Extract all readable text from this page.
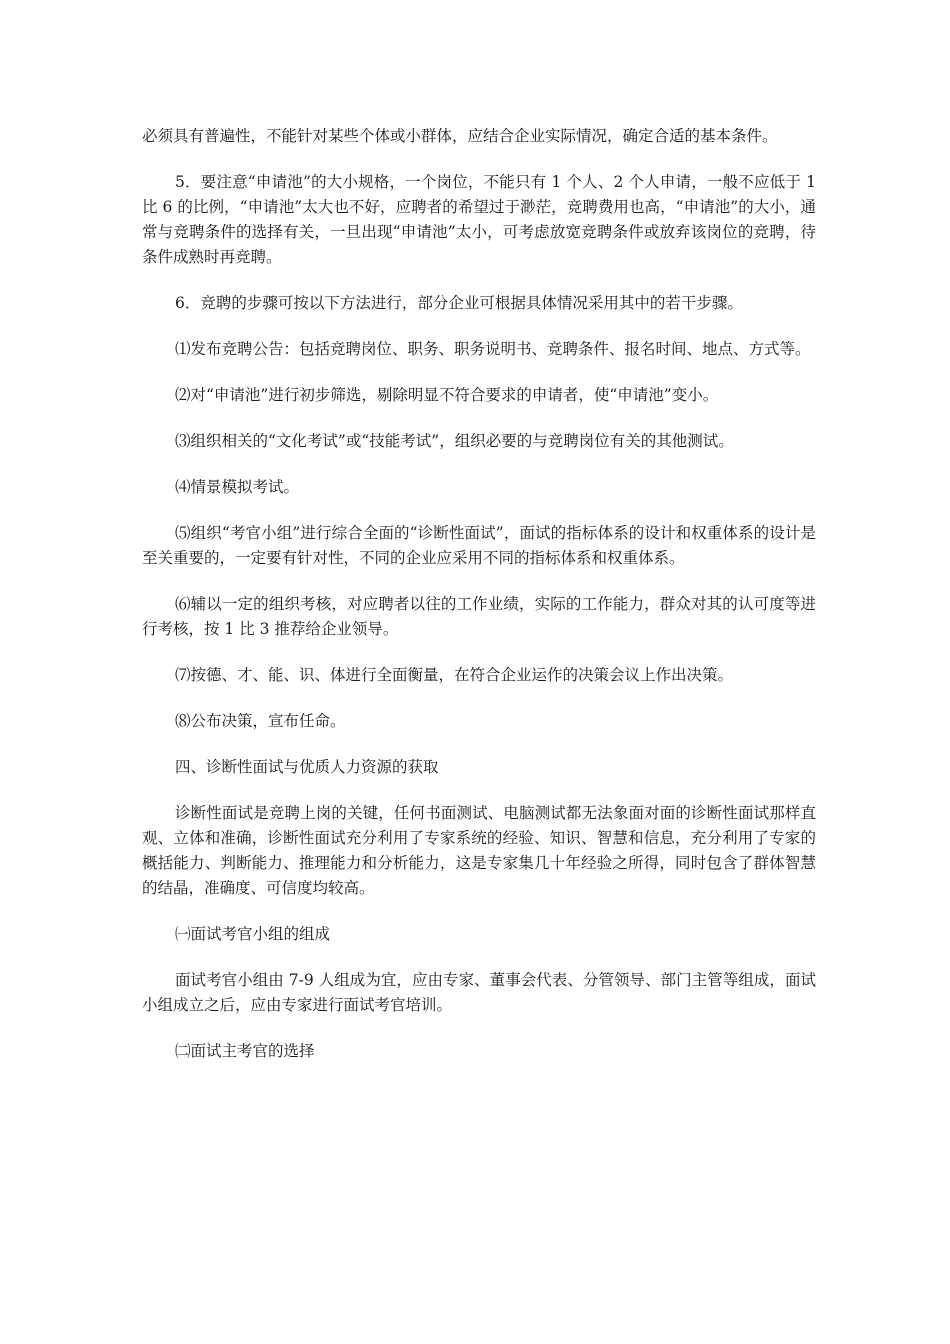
必须具有普遍性，不能针对某些个体或小群体，应结合企业实际情况，确定合适的基本条件。

5．要注意“申请池”的大小规格，一个岗位，不能只有 1 个人、2 个人申请，一般不应低于 1 比 6 的比例，“申请池”太大也不好，应聘者的希望过于渺茫，竞聘费用也高，“申请池”的大小，通常与竞聘条件的选择有关，一旦出现“申请池”太小，可考虑放宽竞聘条件或放弃该岗位的竞聘，待条件成熟时再竞聘。

6．竞聘的步骤可按以下方法进行，部分企业可根据具体情况采用其中的若干步骤。

⑴发布竞聘公告：包括竞聘岗位、职务、职务说明书、竞聘条件、报名时间、地点、方式等。

⑵对“申请池”进行初步筛选，剔除明显不符合要求的申请者，使“申请池”变小。

⑶组织相关的“文化考试”或“技能考试”，组织必要的与竞聘岗位有关的其他测试。

⑷情景模拟考试。

⑸组织“考官小组”进行综合全面的“诊断性面试”，面试的指标体系的设计和权重体系的设计是至关重要的，一定要有针对性，不同的企业应采用不同的指标体系和权重体系。

⑹辅以一定的组织考核，对应聘者以往的工作业绩，实际的工作能力，群众对其的认可度等进行考核，按 1 比 3 推荐给企业领导。

⑺按德、才、能、识、体进行全面衡量，在符合企业运作的决策会议上作出决策。

⑻公布决策，宣布任命。

四、诊断性面试与优质人力资源的获取

诊断性面试是竞聘上岗的关键，任何书面测试、电脑测试都无法象面对面的诊断性面试那样直观、立体和准确，诊断性面试充分利用了专家系统的经验、知识、智慧和信息，充分利用了专家的概括能力、判断能力、推理能力和分析能力，这是专家集几十年经验之所得，同时包含了群体智慧的结晶，准确度、可信度均较高。

㈠面试考官小组的组成

面试考官小组由 7-9 人组成为宜，应由专家、董事会代表、分管领导、部门主管等组成，面试小组成立之后，应由专家进行面试考官培训。

㈡面试主考官的选择
